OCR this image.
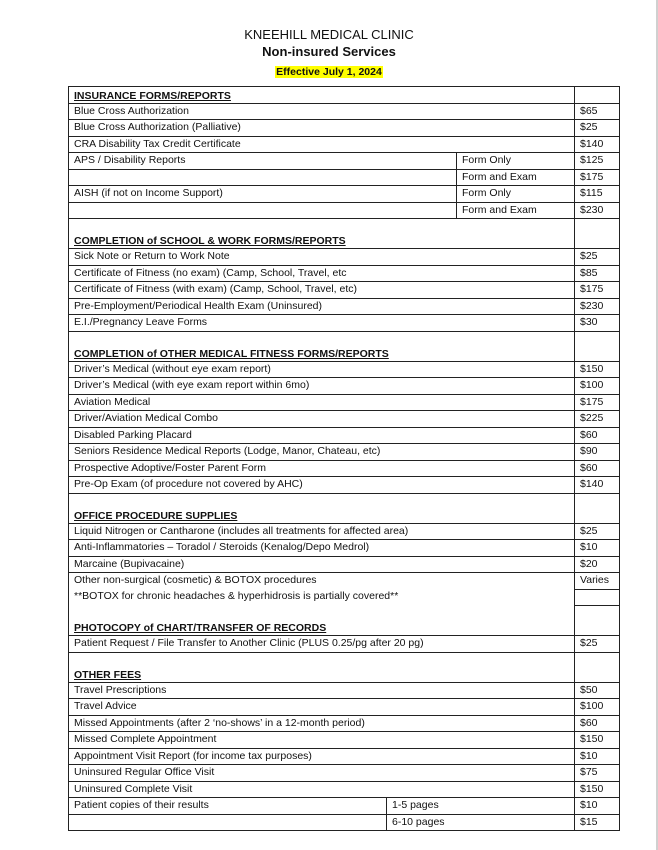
KNEEHILL MEDICAL CLINIC
Non-insured Services
Effective July 1, 2024
INSURANCE FORMS/REPORTS			
Blue Cross Authorization			$65
Blue Cross Authorization (Palliative)			$25
CRA Disability Tax Credit Certificate			$140
APS / Disability Reports		Form Only	$125
		Form and Exam	$175
AISH (if not on Income Support)		Form Only	$115
		Form and Exam	$230
COMPLETION of SCHOOL & WORK FORMS/REPORTS			
Sick Note or Return to Work Note			$25
Certificate of Fitness (no exam) (Camp, School, Travel, etc			$85
Certificate of Fitness (with exam) (Camp, School, Travel, etc)			$175
Pre-Employment/Periodical Health Exam (Uninsured)			$230
E.I./Pregnancy Leave Forms			$30
COMPLETION of OTHER MEDICAL FITNESS FORMS/REPORTS			
Driver’s Medical (without eye exam report)			$150
Driver’s Medical (with eye exam report within 6mo)			$100
Aviation Medical			$175
Driver/Aviation Medical Combo			$225
Disabled Parking Placard			$60
Seniors Residence Medical Reports (Lodge, Manor, Chateau, etc)			$90
Prospective Adoptive/Foster Parent Form			$60
Pre-Op Exam (of procedure not covered by AHC)			$140
OFFICE PROCEDURE SUPPLIES			
Liquid Nitrogen or Cantharone (includes all treatments for affected area)			$25
Anti-Inflammatories – Toradol / Steroids (Kenalog/Depo Medrol)			$10
Marcaine (Bupivacaine)			$20
Other non-surgical (cosmetic) & BOTOX procedures			Varies
**BOTOX for chronic headaches & hyperhidrosis is partially covered**			
PHOTOCOPY of CHART/TRANSFER OF RECORDS			
Patient Request / File Transfer to Another Clinic (PLUS 0.25/pg after 20 pg)			$25
OTHER FEES			
Travel Prescriptions			$50
Travel Advice			$100
Missed Appointments (after 2 ‘no-shows’ in a 12-month period)			$60
Missed Complete Appointment			$150
Appointment Visit Report (for income tax purposes)			$10
Uninsured Regular Office Visit			$75
Uninsured Complete Visit			$150
Patient copies of their results	1-5 pages		$10
	6-10 pages		$15
